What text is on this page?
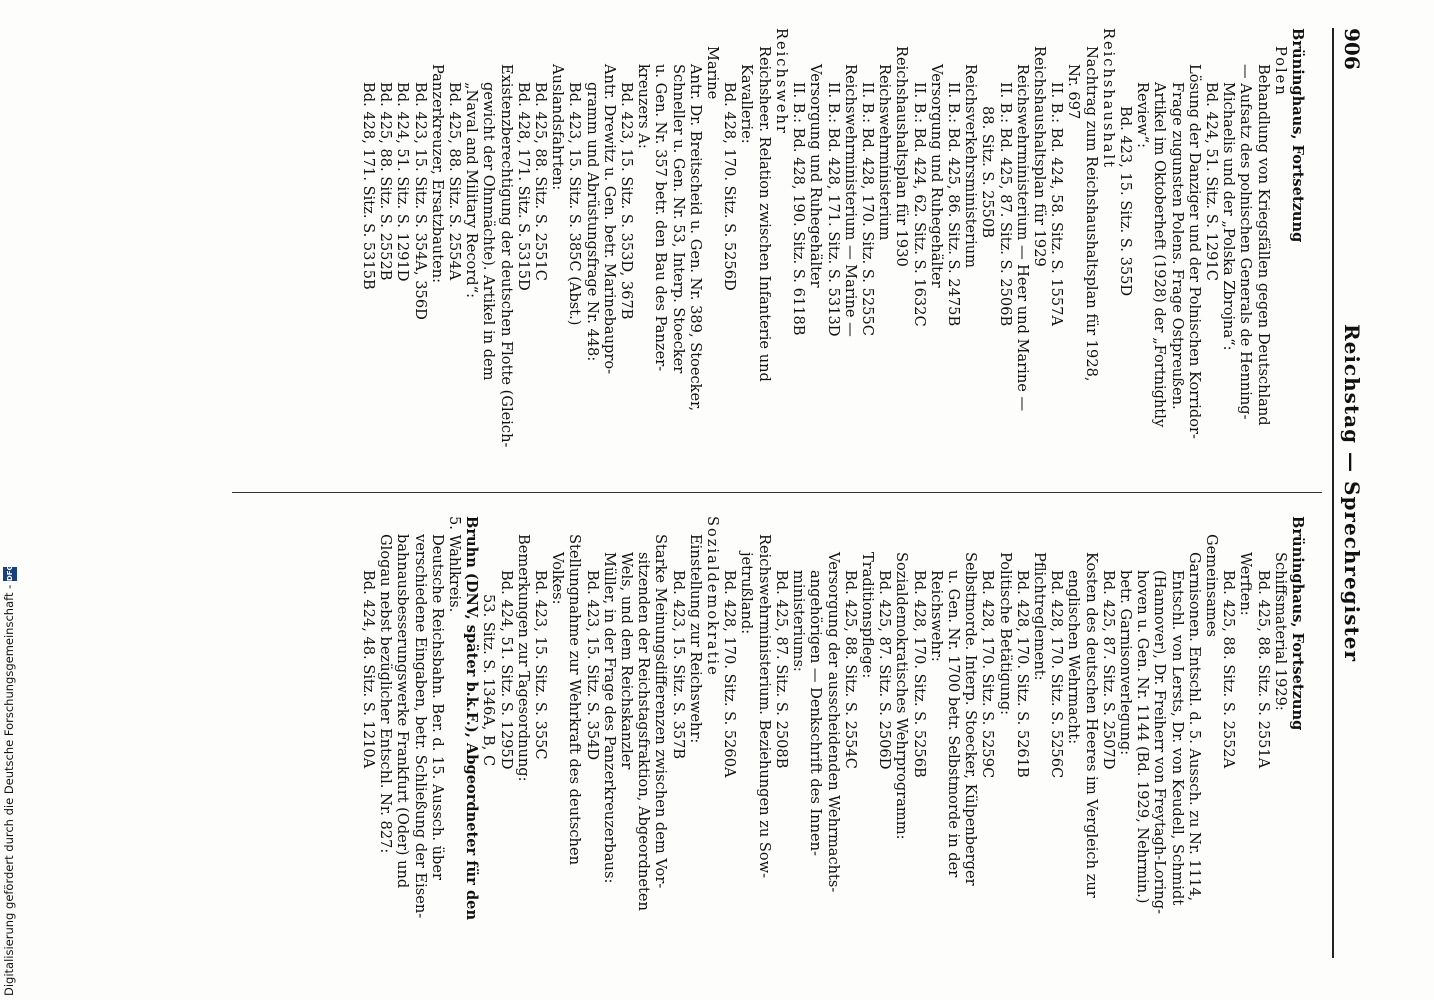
906
Reichstag — Sprechregister
Brüninghaus, Fortsetzung
Polen
Behandlung von Kriegsfällen gegen Deutschland
— Aufsatz des polnischen Generals de Henning-
Michaelis und der „Polska Zbrojna“:
Bd. 424, 51. Sitz. S. 1291C
Lösung der Danziger und der Polnischen Korridor-
Frage zugunsten Polens. Frage Ostpreußen.
Artikel im Oktoberheft (1928) der „Fortnightly
Review“:
Bd. 423, 15. Sitz. S. 355D
Reichshaushalt
Nachtrag zum Reichshaushaltsplan für 1928,
Nr. 697
II. B.: Bd. 424, 58. Sitz. S. 1557A
Reichshaushaltsplan für 1929
Reichswehrministerium — Heer und Marine —
II. B.: Bd. 425, 87. Sitz. S. 2506B
88. Sitz. S. 2550B
Reichsverkehrsministerium
II. B.: Bd. 425, 86. Sitz. S. 2475B
Versorgung und Ruhegehälter
II. B.: Bd. 424, 62. Sitz. S. 1632C
Reichshaushaltsplan für 1930
Reichswehrministerium
II. B.: Bd. 428, 170. Sitz. S. 5255C
Reichswehrministerium — Marine —
II. B.: Bd. 428, 171. Sitz. S. 5313D
Versorgung und Ruhegehälter
II. B.: Bd. 428, 190. Sitz. S. 6118B
Reichswehr
Reichsheer. Relation zwischen Infanterie und
Kavallerie:
Bd. 428, 170. Sitz. S. 5256D
Marine
Antr. Dr. Breitscheid u. Gen. Nr. 389, Stoecker,
Schneller u. Gen. Nr. 53, Interp. Stoecker
u. Gen. Nr. 357 betr. den Bau des Panzer-
kreuzers A:
Bd. 423, 15. Sitz. S. 353D, 367B
Antr. Drewitz u. Gen. betr. Marinebaupro-
gramm und Abrüstungsfrage Nr. 448:
Bd. 423, 15. Sitz. S. 385C (Abst.)
Auslandsfahrten:
Bd. 425, 88. Sitz. S. 2551C
Bd. 428, 171. Sitz. S. 5315D
Existenzberechtigung der deutschen Flotte (Gleich-
gewicht der Ohnmächte). Artikel in dem
„Naval and Military Record“:
Bd. 425, 88. Sitz. S. 2554A
Panzerkreuzer, Ersatzbauten:
Bd. 423, 15. Sitz. S. 354A, 356D
Bd. 424, 51. Sitz. S. 1291D
Bd. 425, 88. Sitz. S. 2552B
Bd. 428, 171. Sitz. S. 5315B
Brüninghaus, Fortsetzung
Schiffsmaterial 1929:
Bd. 425, 88. Sitz. S. 2551A
Werften:
Bd. 425, 88. Sitz. S. 2552A
Gemeinsames
Garnisonen. Entschl. d. 5. Aussch. zu Nr. 1114,
Entschl. von Lersts, Dr. von Keudell, Schmidt
(Hannover), Dr. Freiherr von Freytagh-Loring-
hoven u. Gen. Nr. 1144 (Bd. 1929, Nehrmin.)
betr. Garnisonverlegung:
Bd. 425, 87. Sitz. S. 2507D
Kosten des deutschen Heeres im Vergleich zur
englischen Wehrmacht:
Bd. 428, 170. Sitz. S. 5256C
Pflichtreglement:
Bd. 428, 170. Sitz. S. 5261B
Politische Betätigung:
Bd. 428, 170. Sitz. S. 5259C
Selbstmorde. Interp. Stoecker, Külpenberger
u. Gen. Nr. 1700 betr. Selbstmorde in der
Reichswehr:
Bd. 428, 170. Sitz. S. 5256B
Sozialdemokratisches Wehrprogramm:
Bd. 425, 87. Sitz. S. 2506D
Traditionspflege:
Bd. 425, 88. Sitz. S. 2554C
Versorgung der ausscheidenden Wehrmachts-
angehörigen — Denkschrift des Innen-
ministeriums:
Bd. 425, 87. Sitz. S. 2508B
Reichswehrministerium. Beziehungen zu Sow-
jetrußland:
Bd. 428, 170. Sitz. S. 5260A
Sozialdemokratie
Einstellung zur Reichswehr:
Bd. 423, 15. Sitz. S. 357B
Starke Meinungsdifferenzen zwischen dem Vor-
sitzenden der Reichstagsfraktion, Abgeordneten
Wels, und dem Reichskanzler
Müller, in der Frage des Panzerkreuzerbaus:
Bd. 423, 15. Sitz. S. 354D
Stellungnahme zur Wehrkraft des deutschen
Volkes:
Bd. 423, 15. Sitz. S. 355C
Bemerkungen zur Tagesordnung:
Bd. 424, 51. Sitz. S. 1295D
53. Sitz. S. 1346A, B, C
Bruhn (DNV, später b.k.F.), Abgeordneter für den
5. Wahlkreis.
Deutsche Reichsbahn. Ber. d. 15. Aussch. über
verschiedene Eingaben, betr. Schließung der Eisen-
bahnausbesserungswerke Frankfurt (Oder) und
Glogau nebst bezüglicher Entschl. Nr. 827:
Bd. 424, 48. Sitz. S. 1210A
Digitalisierung gefördert durch die Deutsche Forschungsgemeinschaft - DFG
